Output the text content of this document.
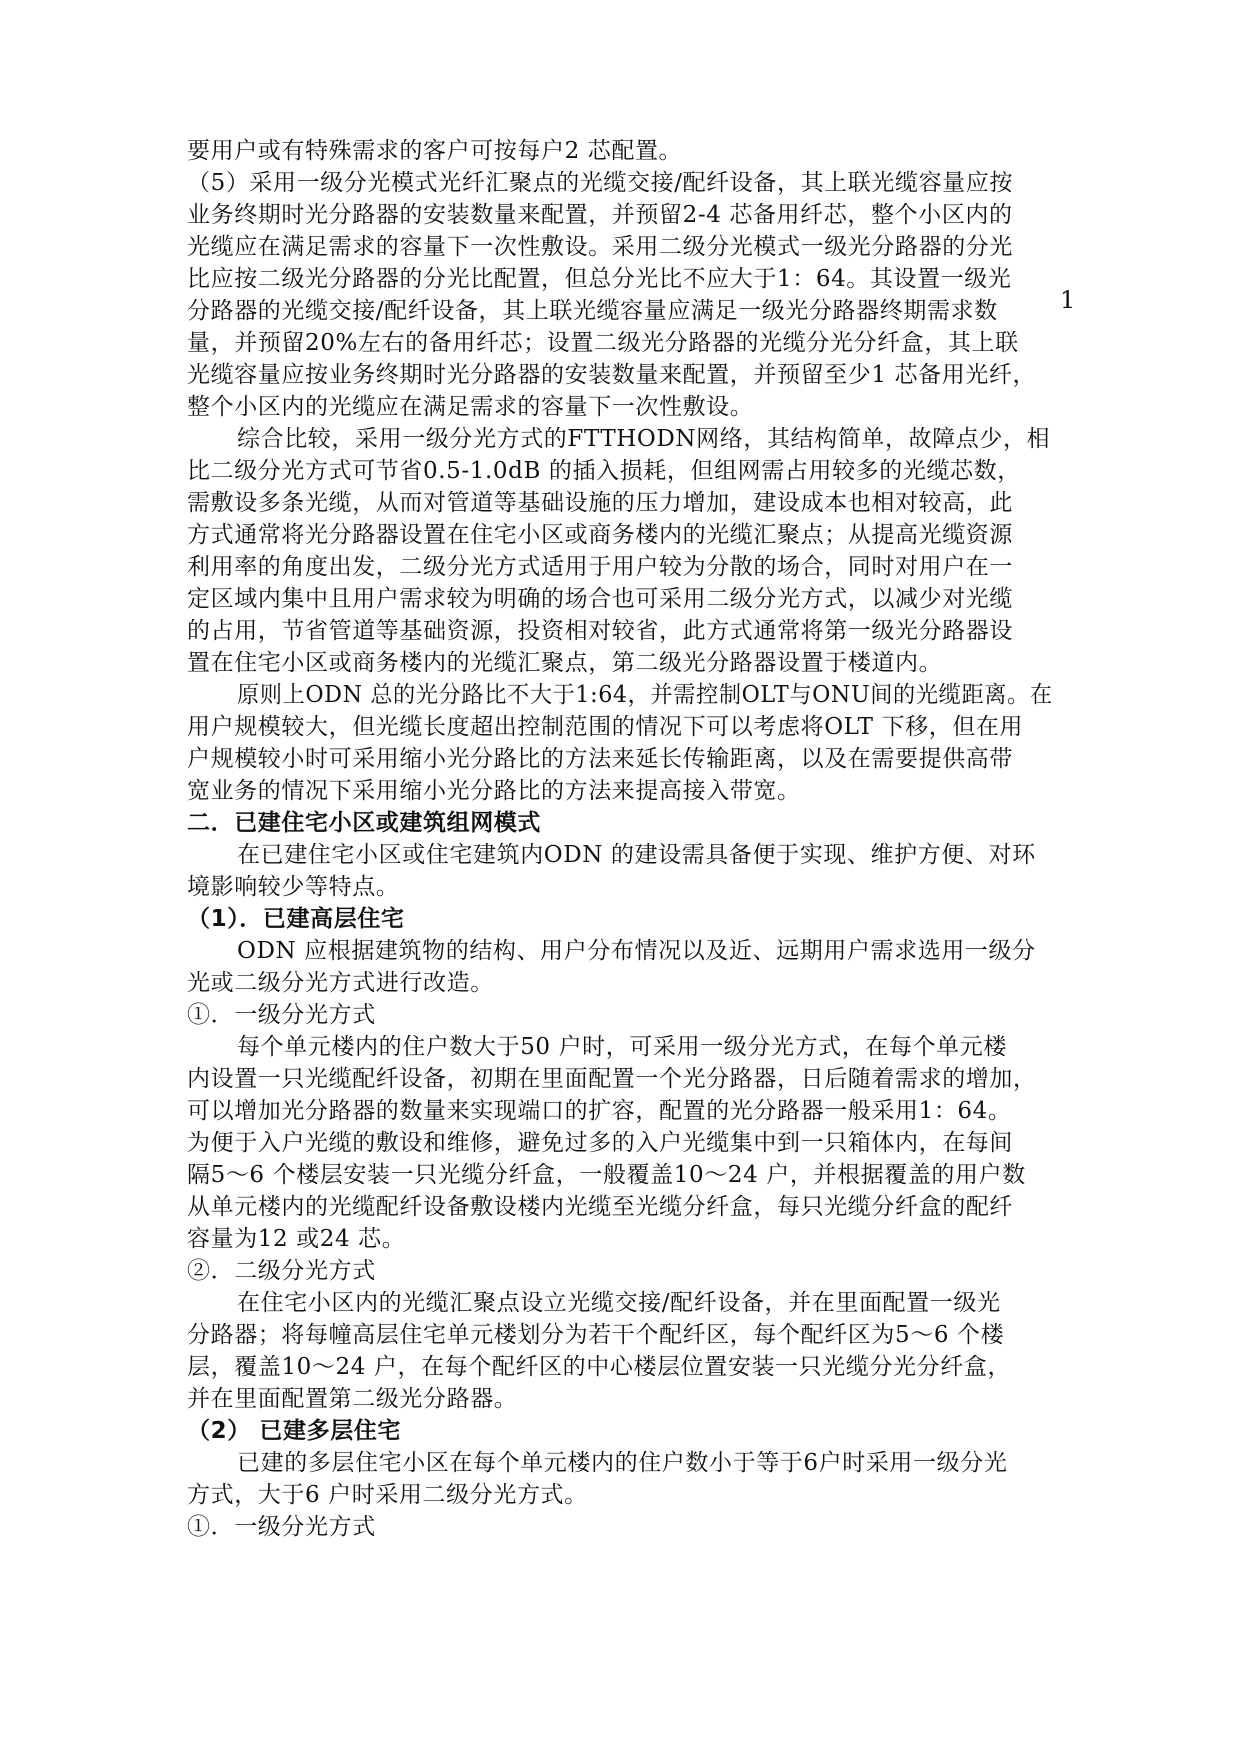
要用户或有特殊需求的客户可按每户2 芯配置。
（5）采用一级分光模式光纤汇聚点的光缆交接/配纤设备，其上联光缆容量应按
业务终期时光分路器的安装数量来配置，并预留2-4 芯备用纤芯，整个小区内的
光缆应在满足需求的容量下一次性敷设。采用二级分光模式一级光分路器的分光
比应按二级光分路器的分光比配置，但总分光比不应大于1：64。其设置一级光
分路器的光缆交接/配纤设备，其上联光缆容量应满足一级光分路器终期需求数
量，并预留20%左右的备用纤芯；设置二级光分路器的光缆分光分纤盒，其上联
光缆容量应按业务终期时光分路器的安装数量来配置，并预留至少1 芯备用光纤，
整个小区内的光缆应在满足需求的容量下一次性敷设。
综合比较，采用一级分光方式的FTTHODN网络，其结构简单，故障点少，相
比二级分光方式可节省0.5-1.0dB 的插入损耗，但组网需占用较多的光缆芯数，
需敷设多条光缆，从而对管道等基础设施的压力增加，建设成本也相对较高，此
方式通常将光分路器设置在住宅小区或商务楼内的光缆汇聚点；从提高光缆资源
利用率的角度出发，二级分光方式适用于用户较为分散的场合，同时对用户在一
定区域内集中且用户需求较为明确的场合也可采用二级分光方式，以减少对光缆
的占用，节省管道等基础资源，投资相对较省，此方式通常将第一级光分路器设
置在住宅小区或商务楼内的光缆汇聚点，第二级光分路器设置于楼道内。
原则上ODN 总的光分路比不大于1:64，并需控制OLT与ONU间的光缆距离。在
用户规模较大，但光缆长度超出控制范围的情况下可以考虑将OLT 下移，但在用
户规模较小时可采用缩小光分路比的方法来延长传输距离，以及在需要提供高带
宽业务的情况下采用缩小光分路比的方法来提高接入带宽。
二．已建住宅小区或建筑组网模式
在已建住宅小区或住宅建筑内ODN 的建设需具备便于实现、维护方便、对环
境影响较少等特点。
（1）．已建高层住宅
ODN 应根据建筑物的结构、用户分布情况以及近、远期用户需求选用一级分
光或二级分光方式进行改造。
①．一级分光方式
每个单元楼内的住户数大于50 户时，可采用一级分光方式，在每个单元楼
内设置一只光缆配纤设备，初期在里面配置一个光分路器，日后随着需求的增加，
可以增加光分路器的数量来实现端口的扩容，配置的光分路器一般采用1：64。
为便于入户光缆的敷设和维修，避免过多的入户光缆集中到一只箱体内，在每间
隔5～6 个楼层安装一只光缆分纤盒，一般覆盖10～24 户，并根据覆盖的用户数
从单元楼内的光缆配纤设备敷设楼内光缆至光缆分纤盒，每只光缆分纤盒的配纤
容量为12 或24 芯。
②．二级分光方式
在住宅小区内的光缆汇聚点设立光缆交接/配纤设备，并在里面配置一级光
分路器；将每幢高层住宅单元楼划分为若干个配纤区，每个配纤区为5～6 个楼
层，覆盖10～24 户，在每个配纤区的中心楼层位置安装一只光缆分光分纤盒，
并在里面配置第二级光分路器。
（2） 已建多层住宅
已建的多层住宅小区在每个单元楼内的住户数小于等于6户时采用一级分光
方式，大于6 户时采用二级分光方式。
①．一级分光方式
1
